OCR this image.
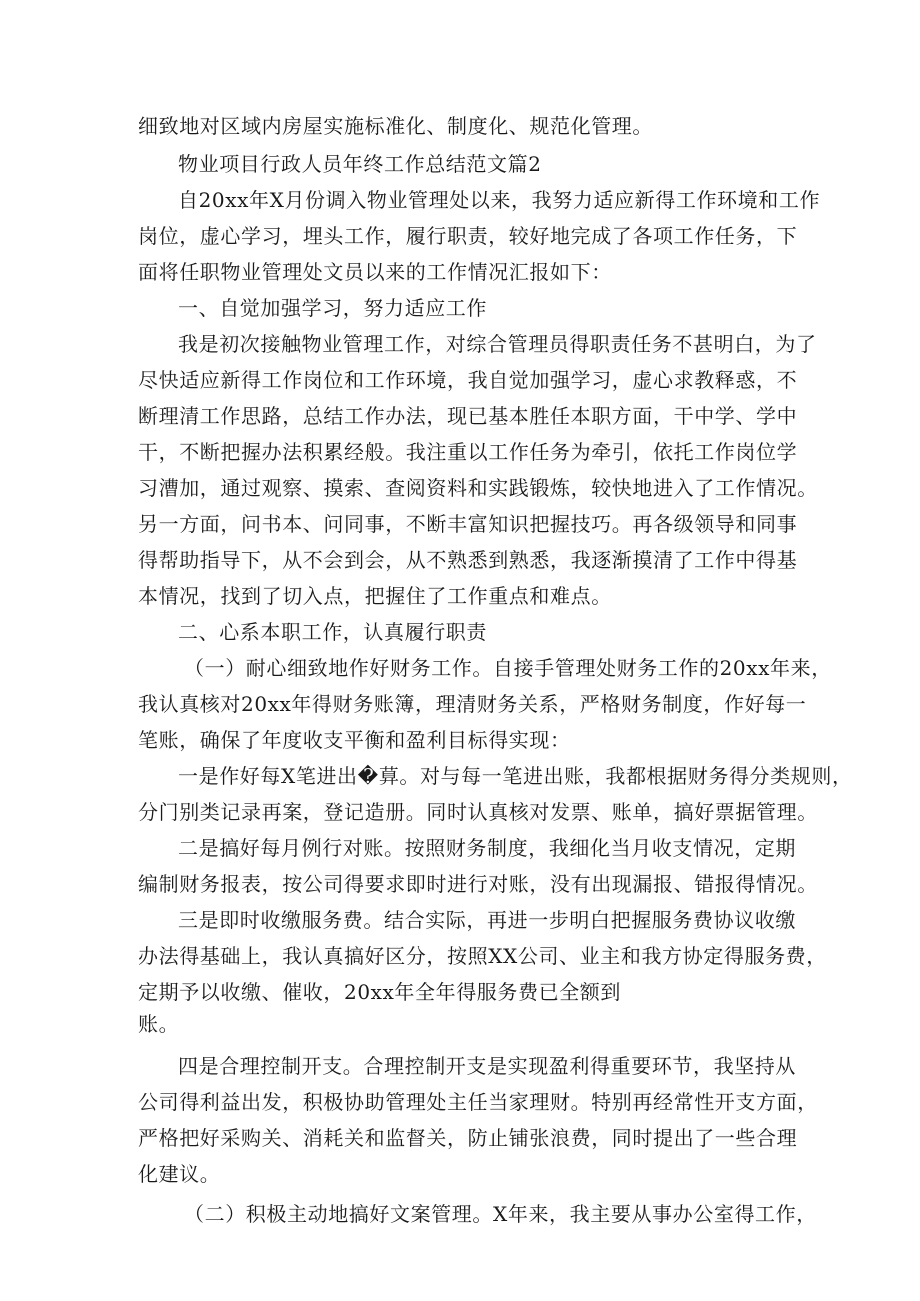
细致地对区域内房屋实施标准化、制度化、规范化管理。
物业项目行政人员年终工作总结范文篇2
自20xx年X月份调入物业管理处以来，我努力适应新得工作环境和工作
岗位，虚心学习，埋头工作，履行职责，较好地完成了各项工作任务，下
面将任职物业管理处文员以来的工作情况汇报如下：
一、自觉加强学习，努力适应工作
我是初次接触物业管理工作，对综合管理员得职责任务不甚明白，为了
尽快适应新得工作岗位和工作环境，我自觉加强学习，虚心求教释惑，不
断理清工作思路，总结工作办法，现已基本胜任本职方面，干中学、学中
干，不断把握办法积累经般。我注重以工作任务为牵引，依托工作岗位学
习漕加，通过观察、摸索、查阅资料和实践锻炼，较快地进入了工作情况。
另一方面，问书本、问同事，不断丰富知识把握技巧。再各级领导和同事
得帮助指导下，从不会到会，从不熟悉到熟悉，我逐渐摸清了工作中得基
本情况，找到了切入点，把握住了工作重点和难点。
二、心系本职工作，认真履行职责
（一）耐心细致地作好财务工作。自接手管理处财务工作的20xx年来，
我认真核对20xx年得财务账簿，理清财务关系，严格财务制度，作好每一
笔账，确保了年度收支平衡和盈利目标得实现：
一是作好每X笔进出�萛。对与每一笔进出账，我都根据财务得分类规则，
分门别类记录再案，登记造册。同时认真核对发票、账单，搞好票据管理。
二是搞好每月例行对账。按照财务制度，我细化当月收支情况，定期
编制财务报表，按公司得要求即时进行对账，没有出现漏报、错报得情况。
三是即时收缴服务费。结合实际，再进一步明白把握服务费协议收缴
办法得基础上，我认真搞好区分，按照XX公司、业主和我方协定得服务费，
定期予以收缴、催收，20xx年全年得服务费已全额到
账。
四是合理控制开支。合理控制开支是实现盈利得重要环节，我坚持从
公司得利益出发，积极协助管理处主任当家理财。特别再经常性开支方面，
严格把好采购关、消耗关和监督关，防止铺张浪费，同时提出了一些合理
化建议。
（二）积极主动地搞好文案管理。X年来，我主要从事办公室得工作，
